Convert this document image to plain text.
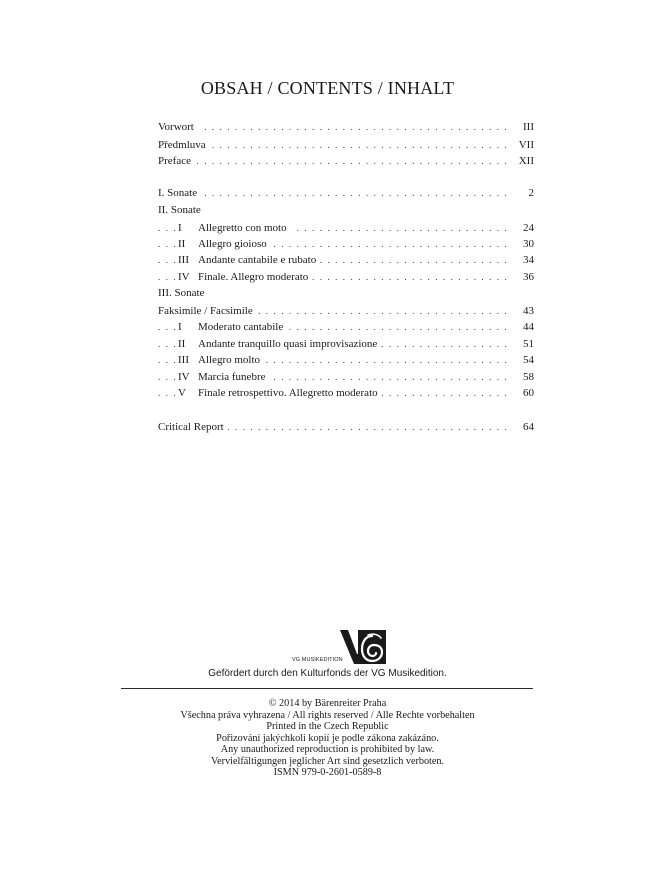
OBSAH / CONTENTS / INHALT
Vorwort . . .	III
Předmluva . . .	VII
Preface . . .	XII
I. Sonate . . .	2
II. Sonate
I Allegretto con moto . . .	24
II Allegro gioioso . . .	30
III Andante cantabile e rubato . . .	34
IV Finale. Allegro moderato . . .	36
III. Sonate
Faksimile / Facsimile . . .	43
I Moderato cantabile . . .	44
II Andante tranquillo quasi improvisazione . . .	51
III Allegro molto . . .	54
IV Marcia funebre . . .	58
V Finale retrospettivo. Allegretto moderato . . .	60
Critical Report . . .	64
VG MUSIKEDITION
Gefördert durch den Kulturfonds der VG Musikedition.
© 2014 by Bärenreiter Praha
Všechna práva vyhrazena / All rights reserved / Alle Rechte vorbehalten
Printed in the Czech Republic
Pořizování jakýchkoli kopií je podle zákona zakázáno.
Any unauthorized reproduction is prohibited by law.
Vervielfältigungen jeglicher Art sind gesetzlich verboten.
ISMN 979-0-2601-0589-8
